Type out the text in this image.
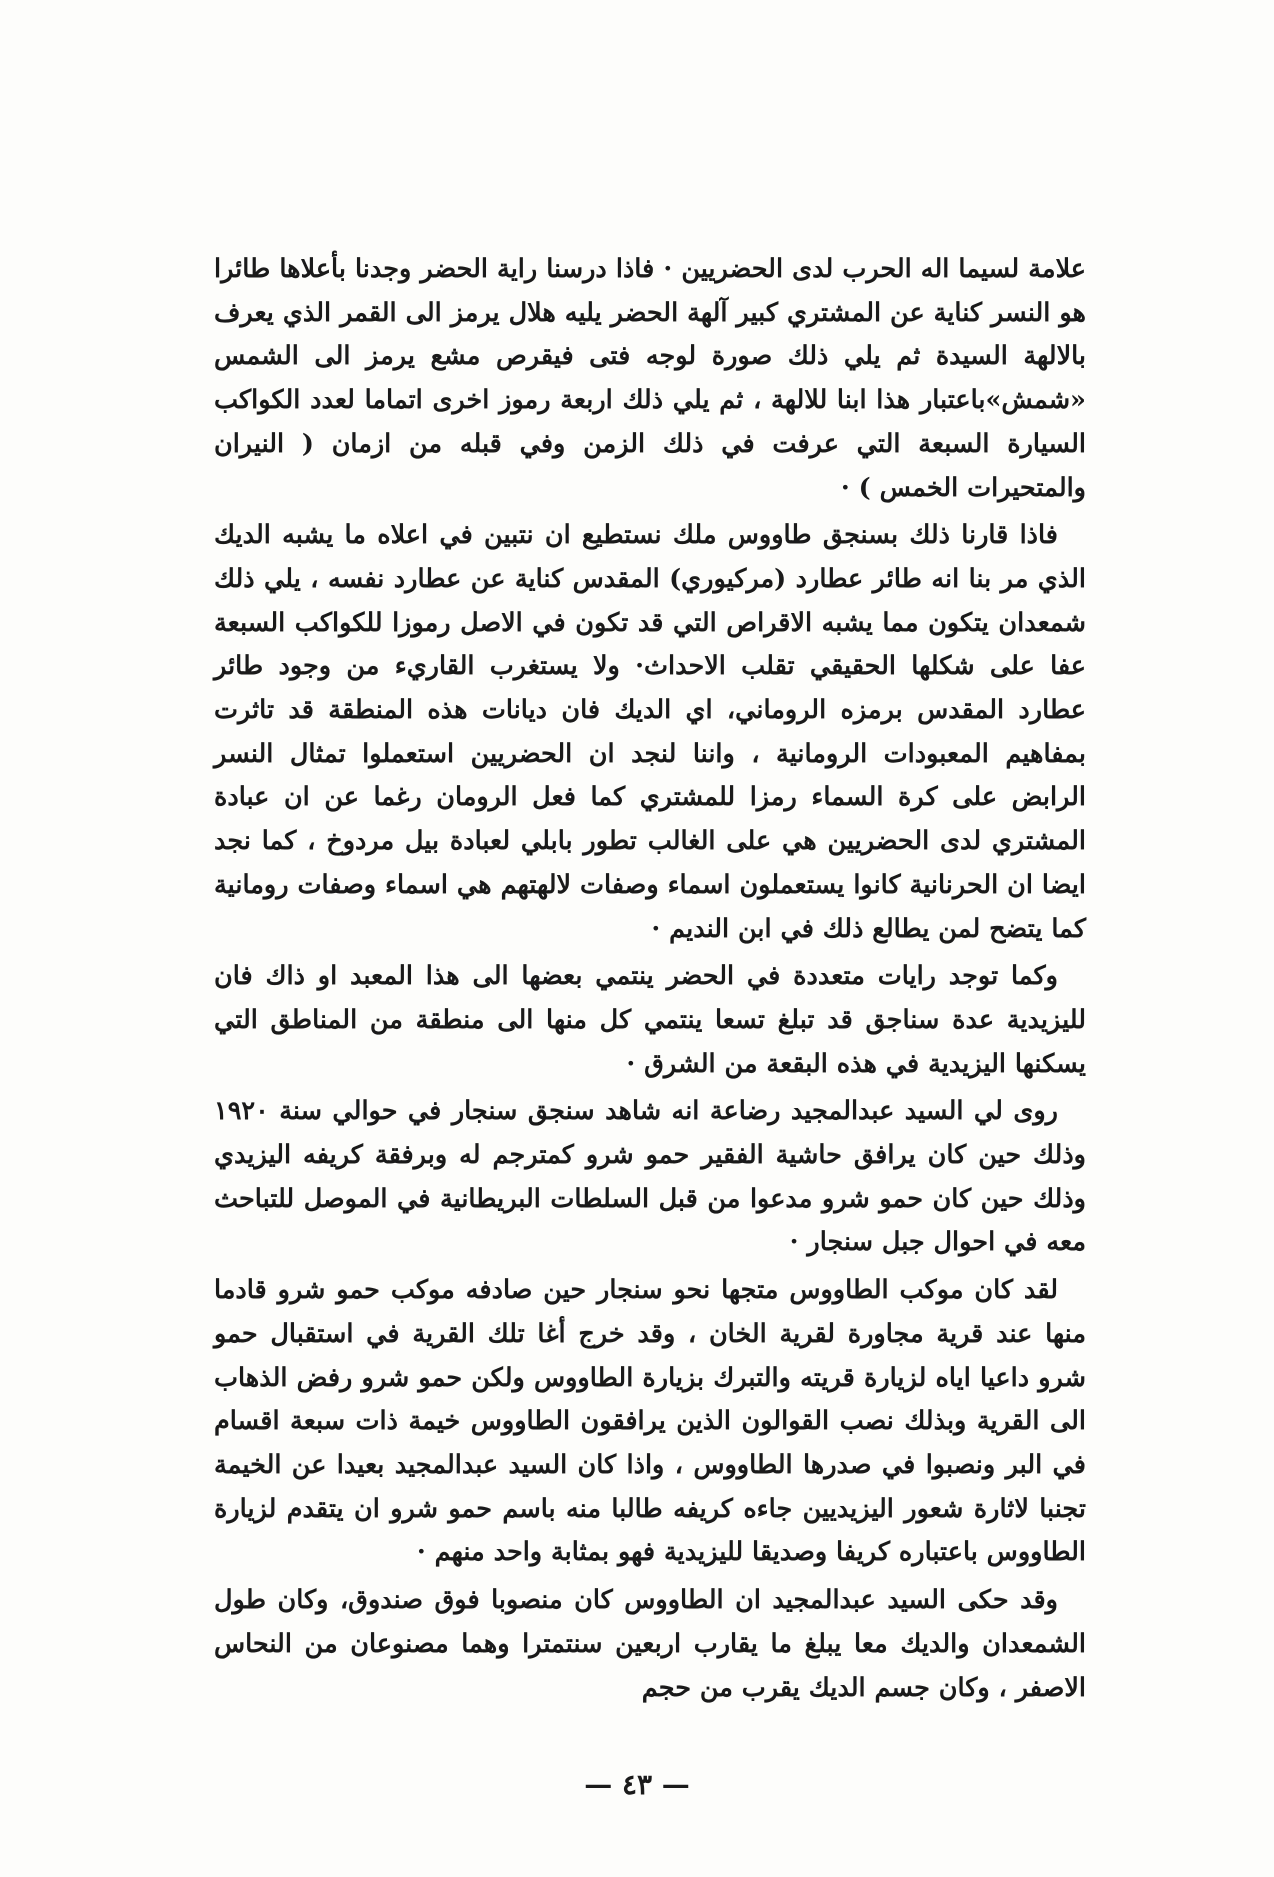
علامة لسيما اله الحرب لدى الحضريين · فاذا درسنا راية الحضر وجدنا بأعلاها طائرا هو النسر كناية عن المشتري كبير آلهة الحضر يليه هلال يرمز الى القمر الذي يعرف بالالهة السيدة ثم يلي ذلك صورة لوجه فتى فيقرص مشع يرمز الى الشمس «شمش»باعتبار هذا ابنا للالهة ، ثم يلي ذلك اربعة رموز اخرى اتماما لعدد الكواكب السيارة السبعة التي عرفت في ذلك الزمن وفي قبله من ازمان ( النيران والمتحيرات الخمس ) ·

فاذا قارنا ذلك بسنجق طاووس ملك نستطيع ان نتبين في اعلاه ما يشبه الديك الذي مر بنا انه طائر عطارد (مركيوري) المقدس كناية عن عطارد نفسه ، يلي ذلك شمعدان يتكون مما يشبه الاقراص التي قد تكون في الاصل رموزا للكواكب السبعة عفا على شكلها الحقيقي تقلب الاحداث· ولا يستغرب القاريء من وجود طائر عطارد المقدس برمزه الروماني، اي الديك فان ديانات هذه المنطقة قد تاثرت بمفاهيم المعبودات الرومانية ، واننا لنجد ان الحضريين استعملوا تمثال النسر الرابض على كرة السماء رمزا للمشتري كما فعل الرومان رغما عن ان عبادة المشتري لدى الحضريين هي على الغالب تطور بابلي لعبادة بيل مردوخ ، كما نجد ايضا ان الحرنانية كانوا يستعملون اسماء وصفات لالهتهم هي اسماء وصفات رومانية كما يتضح لمن يطالع ذلك في ابن النديم ·

وكما توجد رايات متعددة في الحضر ينتمي بعضها الى هذا المعبد او ذاك فان لليزيدية عدة سناجق قد تبلغ تسعا ينتمي كل منها الى منطقة من المناطق التي يسكنها اليزيدية في هذه البقعة من الشرق ·

روى لي السيد عبدالمجيد رضاعة انه شاهد سنجق سنجار في حوالي سنة ١٩٢٠ وذلك حين كان يرافق حاشية الفقير حمو شرو كمترجم له وبرفقة كريفه اليزيدي وذلك حين كان حمو شرو مدعوا من قبل السلطات البريطانية في الموصل للتباحث معه في احوال جبل سنجار ·

لقد كان موكب الطاووس متجها نحو سنجار حين صادفه موكب حمو شرو قادما منها عند قرية مجاورة لقرية الخان ، وقد خرج أغا تلك القرية في استقبال حمو شرو داعيا اياه لزيارة قريته والتبرك بزيارة الطاووس ولكن حمو شرو رفض الذهاب الى القرية وبذلك نصب القوالون الذين يرافقون الطاووس خيمة ذات سبعة اقسام في البر ونصبوا في صدرها الطاووس ، واذا كان السيد عبدالمجيد بعيدا عن الخيمة تجنبا لاثارة شعور اليزيديين جاءه كريفه طالبا منه باسم حمو شرو ان يتقدم لزيارة الطاووس باعتباره كريفا وصديقا لليزيدية فهو بمثابة واحد منهم ·

وقد حكى السيد عبدالمجيد ان الطاووس كان منصوبا فوق صندوق، وكان طول الشمعدان والديك معا يبلغ ما يقارب اربعين سنتمترا وهما مصنوعان من النحاس الاصفر ، وكان جسم الديك يقرب من حجم

— ٤٣ —
